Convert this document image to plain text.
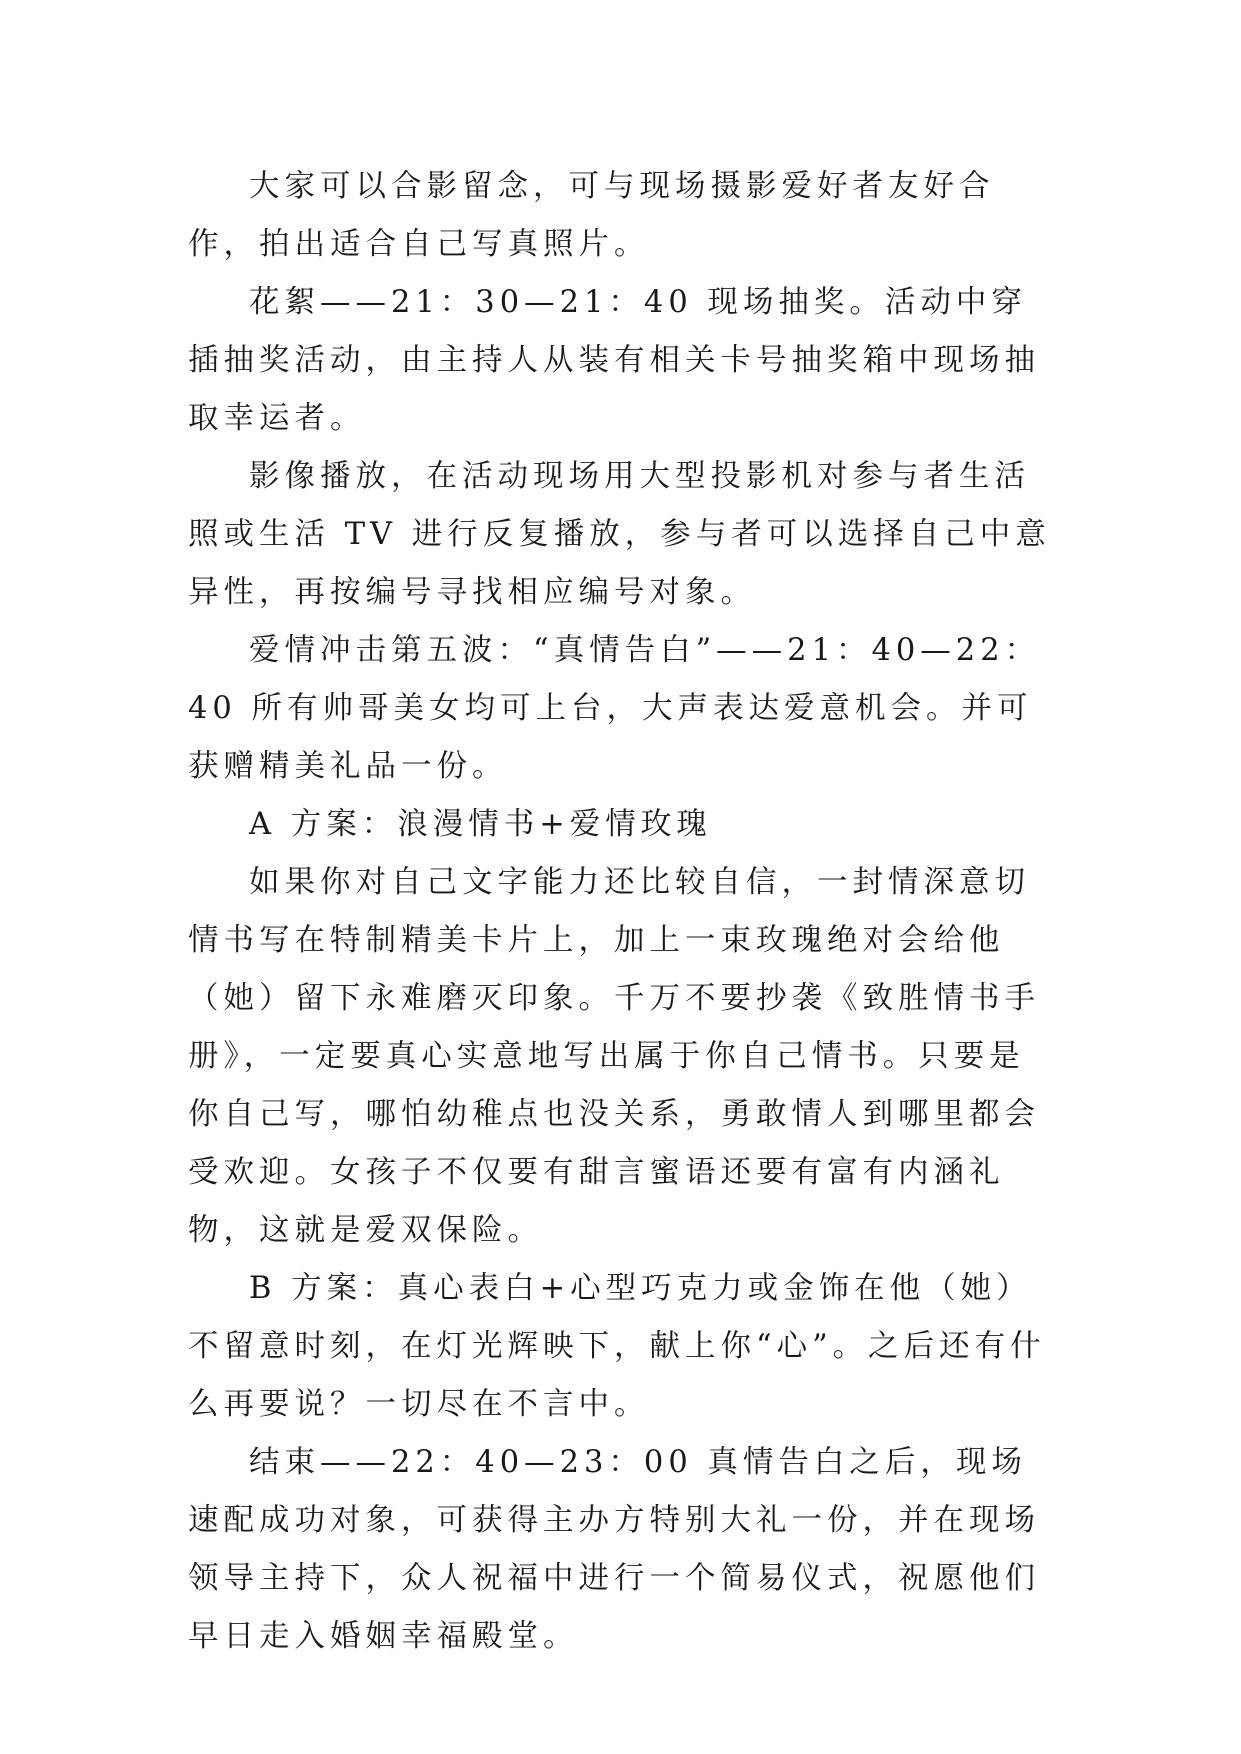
大家可以合影留念，可与现场摄影爱好者友好合作，拍出适合自己写真照片。

花絮——21：30—21：40 现场抽奖。活动中穿插抽奖活动，由主持人从装有相关卡号抽奖箱中现场抽取幸运者。

影像播放，在活动现场用大型投影机对参与者生活照或生活 TV 进行反复播放，参与者可以选择自己中意异性，再按编号寻找相应编号对象。

爱情冲击第五波：“真情告白”——21：40—22：40 所有帅哥美女均可上台，大声表达爱意机会。并可获赠精美礼品一份。

A 方案：浪漫情书+爱情玫瑰

如果你对自己文字能力还比较自信，一封情深意切情书写在特制精美卡片上，加上一束玫瑰绝对会给他（她）留下永难磨灭印象。千万不要抄袭《致胜情书手册》，一定要真心实意地写出属于你自己情书。只要是你自己写，哪怕幼稚点也没关系，勇敢情人到哪里都会受欢迎。女孩子不仅要有甜言蜜语还要有富有内涵礼物，这就是爱双保险。

B 方案：真心表白+心型巧克力或金饰在他（她）不留意时刻，在灯光辉映下，献上你“心”。之后还有什么再要说？一切尽在不言中。

结束——22：40—23：00 真情告白之后，现场速配成功对象，可获得主办方特别大礼一份，并在现场领导主持下，众人祝福中进行一个简易仪式，祝愿他们早日走入婚姻幸福殿堂。
